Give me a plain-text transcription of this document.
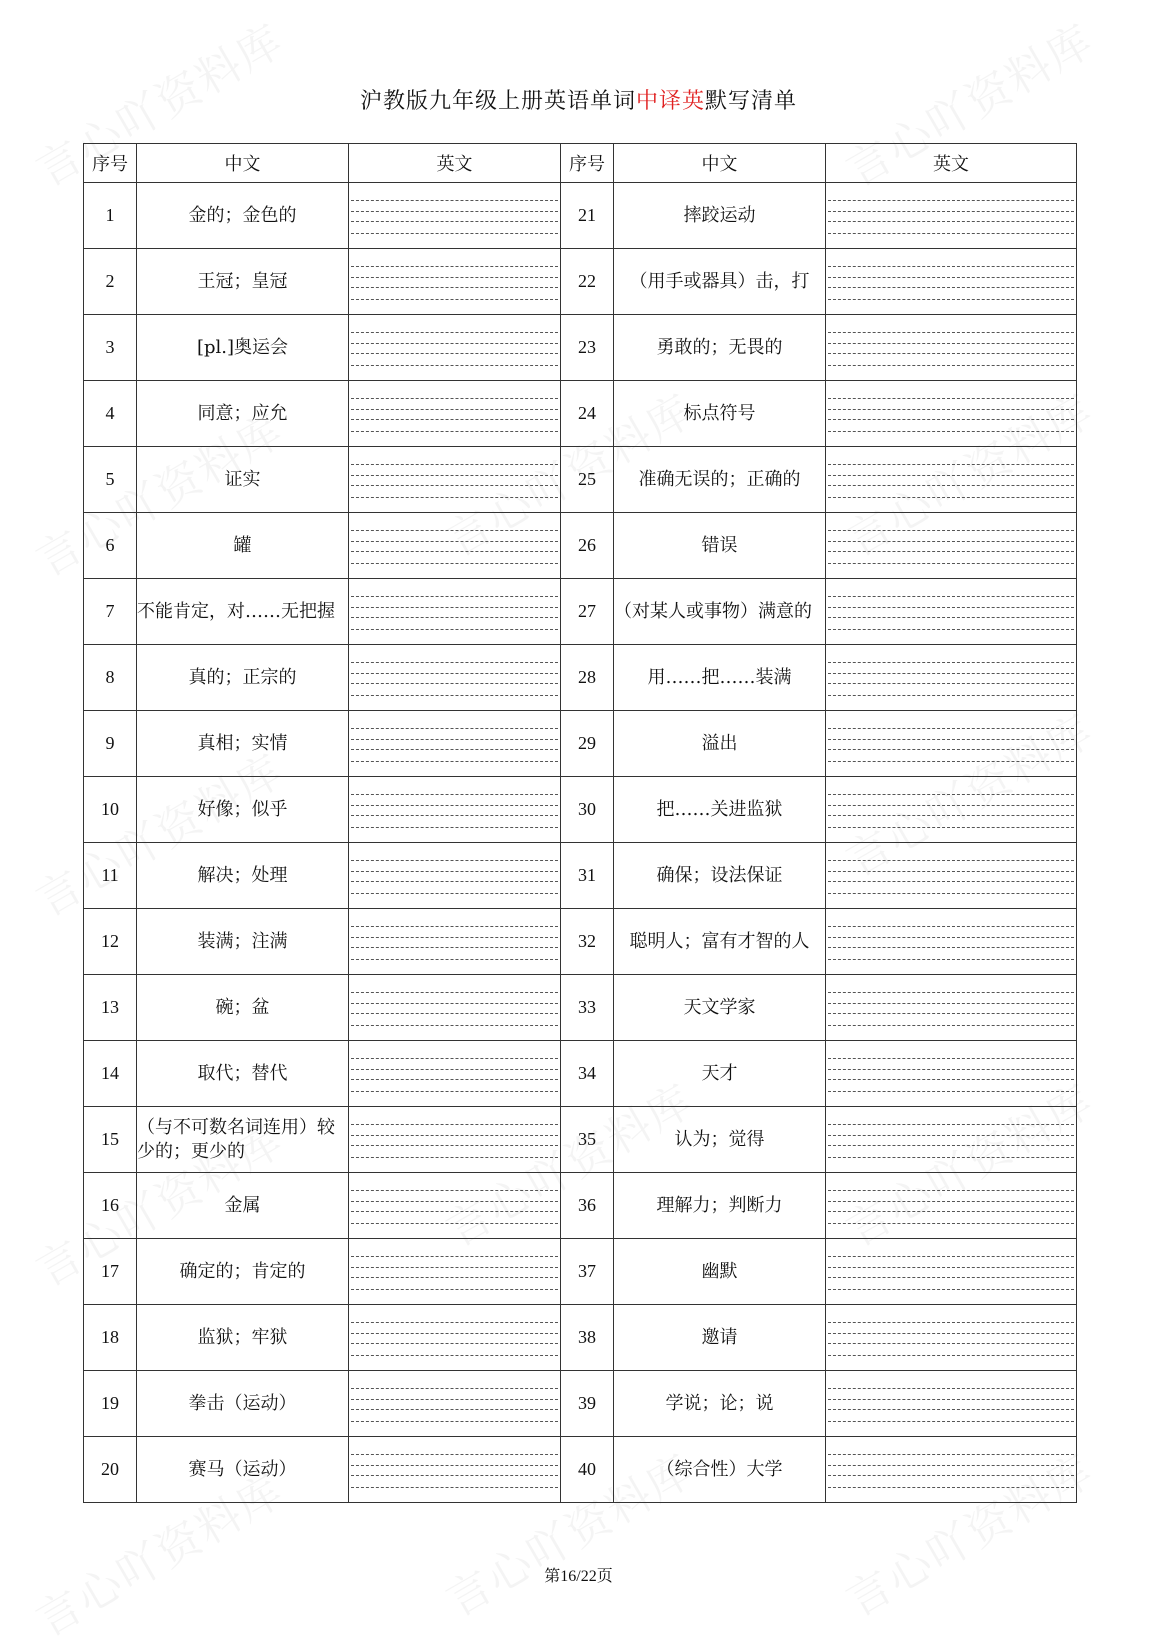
沪教版九年级上册英语单词中译英默写清单
序号	中文	英文	序号	中文	英文
1	金的；金色的		21	摔跤运动	

2	王冠；皇冠		22	（用手或器具）击，打	

3	[pl.]奥运会		23	勇敢的；无畏的	

4	同意；应允		24	标点符号	

5	证实		25	准确无误的；正确的	

6	罐		26	错误	

7	不能肯定，对……无把握		27	（对某人或事物）满意的	

8	真的；正宗的		28	用……把……装满	

9	真相；实情		29	溢出	

10	好像；似乎		30	把……关进监狱	

11	解决；处理		31	确保；设法保证	

12	装满；注满		32	聪明人；富有才智的人	

13	碗；盆		33	天文学家	

14	取代；替代		34	天才	

15	（与不可数名词连用）较少的；更少的		35	认为；觉得	

16	金属		36	理解力；判断力	

17	确定的；肯定的		37	幽默	

18	监狱；牢狱		38	邀请	

19	拳击（运动）		39	学说；论；说	

20	赛马（运动）		40	（综合性）大学	
第16/22页
